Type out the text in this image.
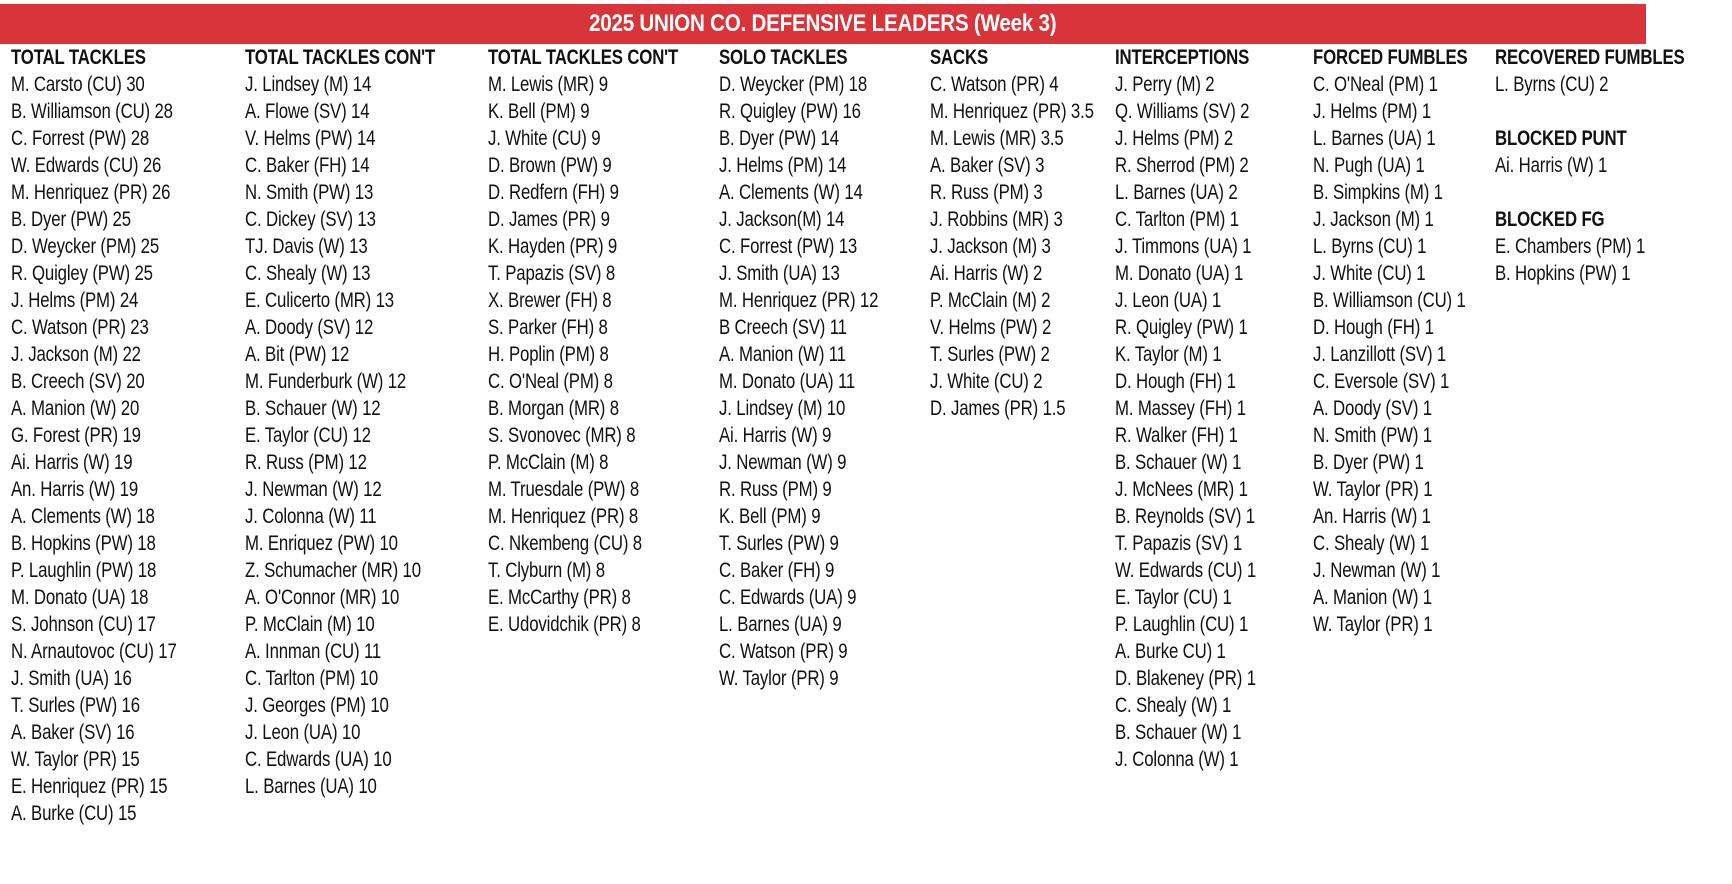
2025 UNION CO. DEFENSIVE LEADERS (Week 3)
TOTAL TACKLES
M. Carsto (CU) 30
B. Williamson (CU) 28
C. Forrest (PW) 28
W. Edwards (CU) 26
M. Henriquez (PR) 26
B. Dyer (PW) 25
D. Weycker (PM) 25
R. Quigley (PW) 25
J. Helms (PM) 24
C. Watson (PR) 23
J. Jackson (M) 22
B. Creech (SV) 20
A. Manion (W) 20
G. Forest (PR) 19
Ai. Harris (W) 19
An. Harris (W) 19
A. Clements (W) 18
B. Hopkins (PW) 18
P. Laughlin (PW) 18
M. Donato (UA) 18
S. Johnson (CU) 17
N. Arnautovoc (CU) 17
J. Smith (UA) 16
T. Surles (PW) 16
A. Baker (SV) 16
W. Taylor (PR) 15
E. Henriquez (PR) 15
A. Burke (CU) 15
TOTAL TACKLES CON'T
J. Lindsey (M) 14
A. Flowe (SV) 14
V. Helms (PW) 14
C. Baker (FH) 14
N. Smith (PW) 13
C. Dickey (SV) 13
TJ. Davis (W) 13
C. Shealy (W) 13
E. Culicerto (MR) 13
A. Doody (SV) 12
A. Bit (PW) 12
M. Funderburk (W) 12
B. Schauer (W) 12
E. Taylor (CU) 12
R. Russ (PM) 12
J. Newman (W) 12
J. Colonna (W) 11
M. Enriquez (PW) 10
Z. Schumacher (MR) 10
A. O'Connor (MR) 10
P. McClain (M) 10
A. Innman (CU) 11
C. Tarlton (PM) 10
J. Georges (PM) 10
J. Leon (UA) 10
C. Edwards (UA) 10
L. Barnes (UA) 10
TOTAL TACKLES CON'T
M. Lewis (MR) 9
K. Bell (PM) 9
J. White (CU) 9
D. Brown (PW) 9
D. Redfern (FH) 9
D. James (PR) 9
K. Hayden (PR) 9
T. Papazis (SV) 8
X. Brewer (FH) 8
S. Parker (FH) 8
H. Poplin (PM) 8
C. O'Neal (PM) 8
B. Morgan (MR) 8
S. Svonovec (MR) 8
P. McClain (M) 8
M. Truesdale (PW) 8
M. Henriquez (PR) 8
C. Nkembeng (CU) 8
T. Clyburn (M) 8
E. McCarthy (PR) 8
E. Udovidchik (PR) 8
SOLO TACKLES
D. Weycker (PM) 18
R. Quigley (PW) 16
B. Dyer (PW) 14
J. Helms (PM) 14
A. Clements (W) 14
J. Jackson(M) 14
C. Forrest (PW) 13
J. Smith (UA) 13
M. Henriquez (PR) 12
B Creech (SV) 11
A. Manion (W) 11
M. Donato (UA) 11
J. Lindsey (M) 10
Ai. Harris (W) 9
J. Newman (W) 9
R. Russ (PM) 9
K. Bell (PM) 9
T. Surles (PW) 9
C. Baker (FH) 9
C. Edwards (UA) 9
L. Barnes (UA) 9
C. Watson (PR) 9
W. Taylor (PR) 9
SACKS
C. Watson (PR) 4
M. Henriquez (PR) 3.5
M. Lewis (MR) 3.5
A. Baker (SV) 3
R. Russ (PM) 3
J. Robbins (MR) 3
J. Jackson (M) 3
Ai. Harris (W) 2
P. McClain (M) 2
V. Helms (PW) 2
T. Surles (PW) 2
J. White (CU) 2
D. James (PR) 1.5
INTERCEPTIONS
J. Perry (M) 2
Q. Williams (SV) 2
J. Helms (PM) 2
R. Sherrod (PM) 2
L. Barnes (UA) 2
C. Tarlton (PM) 1
J. Timmons (UA) 1
M. Donato (UA) 1
J. Leon (UA) 1
R. Quigley (PW) 1
K. Taylor (M) 1
D. Hough (FH) 1
M. Massey (FH) 1
R. Walker (FH) 1
B. Schauer (W) 1
J. McNees (MR) 1
B. Reynolds (SV) 1
T. Papazis (SV) 1
W. Edwards (CU) 1
E. Taylor (CU) 1
P. Laughlin (CU) 1
A. Burke CU) 1
D. Blakeney (PR) 1
C. Shealy (W) 1
B. Schauer (W) 1
J. Colonna (W) 1
FORCED FUMBLES
C. O'Neal (PM) 1
J. Helms (PM) 1
L. Barnes (UA) 1
N. Pugh (UA) 1
B. Simpkins (M) 1
J. Jackson (M) 1
L. Byrns (CU) 1
J. White (CU) 1
B. Williamson (CU) 1
D. Hough (FH) 1
J. Lanzillott (SV) 1
C. Eversole (SV) 1
A. Doody (SV) 1
N. Smith (PW) 1
B. Dyer (PW) 1
W. Taylor (PR) 1
An. Harris (W) 1
C. Shealy (W) 1
J. Newman (W) 1
A. Manion (W) 1
W. Taylor (PR) 1
RECOVERED FUMBLES
L. Byrns (CU) 2
BLOCKED PUNT
Ai. Harris (W) 1
BLOCKED FG
E. Chambers (PM) 1
B. Hopkins (PW) 1
